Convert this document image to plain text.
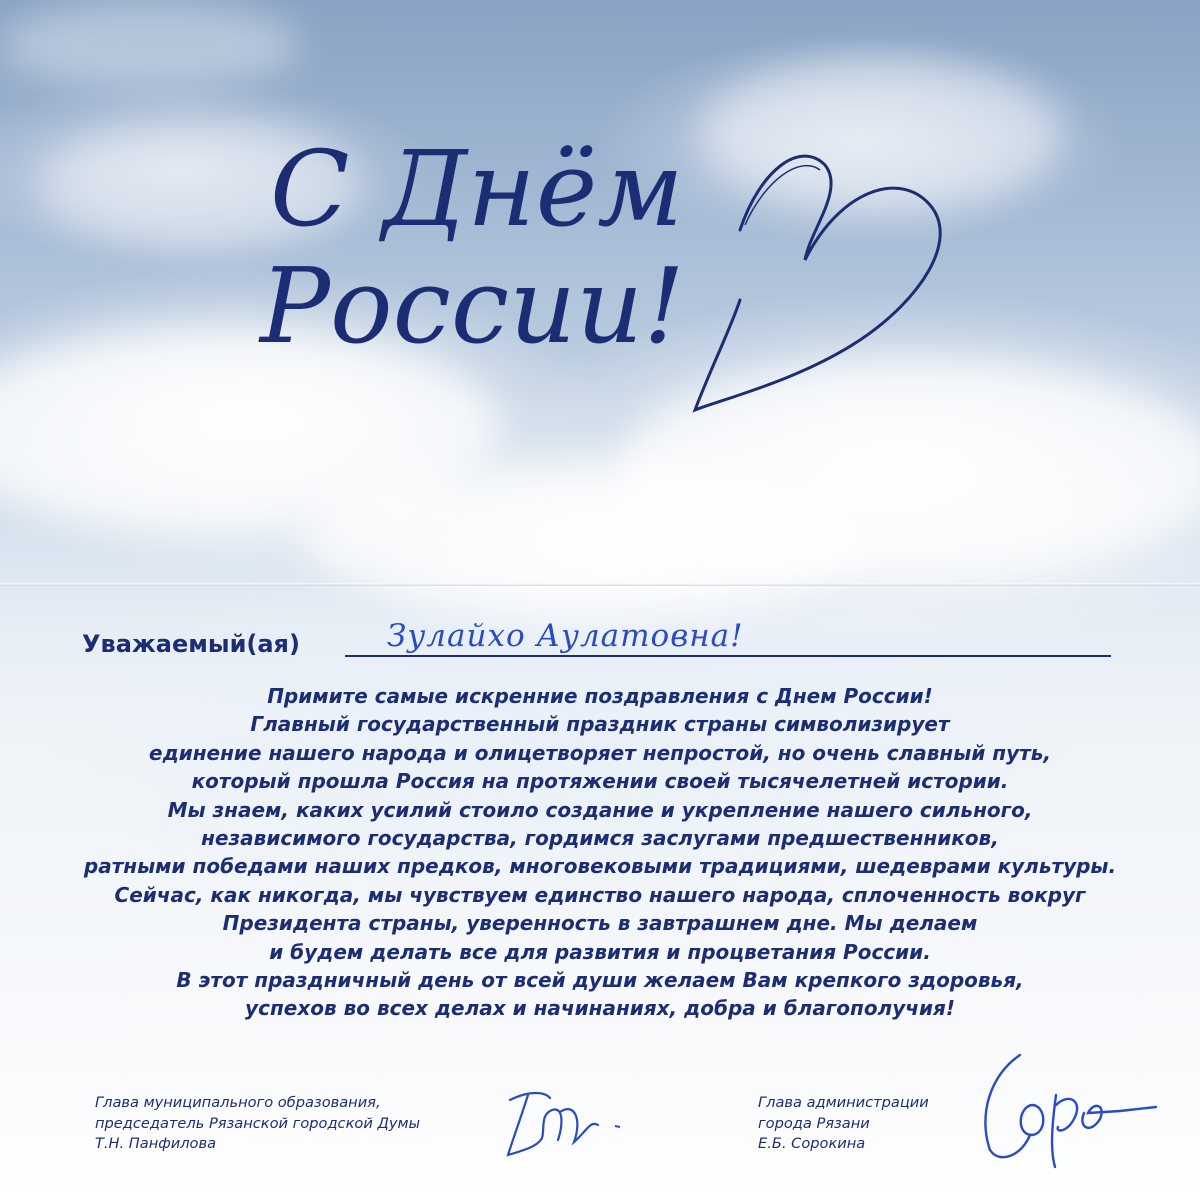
С Днём
России!
Уважаемый(ая)	Зулайхо Аулатовна!
Примите самые искренние поздравления с Днем России!
Главный государственный праздник страны символизирует
единение нашего народа и олицетворяет непростой, но очень славный путь,
который прошла Россия на протяжении своей тысячелетней истории.
Мы знаем, каких усилий стоило создание и укрепление нашего сильного,
независимого государства, гордимся заслугами предшественников,
ратными победами наших предков, многовековыми традициями, шедеврами культуры.
Сейчас, как никогда, мы чувствуем единство нашего народа, сплоченность вокруг
Президента страны, уверенность в завтрашнем дне. Мы делаем
и будем делать все для развития и процветания России.
В этот праздничный день от всей души желаем Вам крепкого здоровья,
успехов во всех делах и начинаниях, добра и благополучия!
Глава муниципального образования,
председатель Рязанской городской Думы
Т.Н. Панфилова
Глава администрации
города Рязани
Е.Б. Сорокина
